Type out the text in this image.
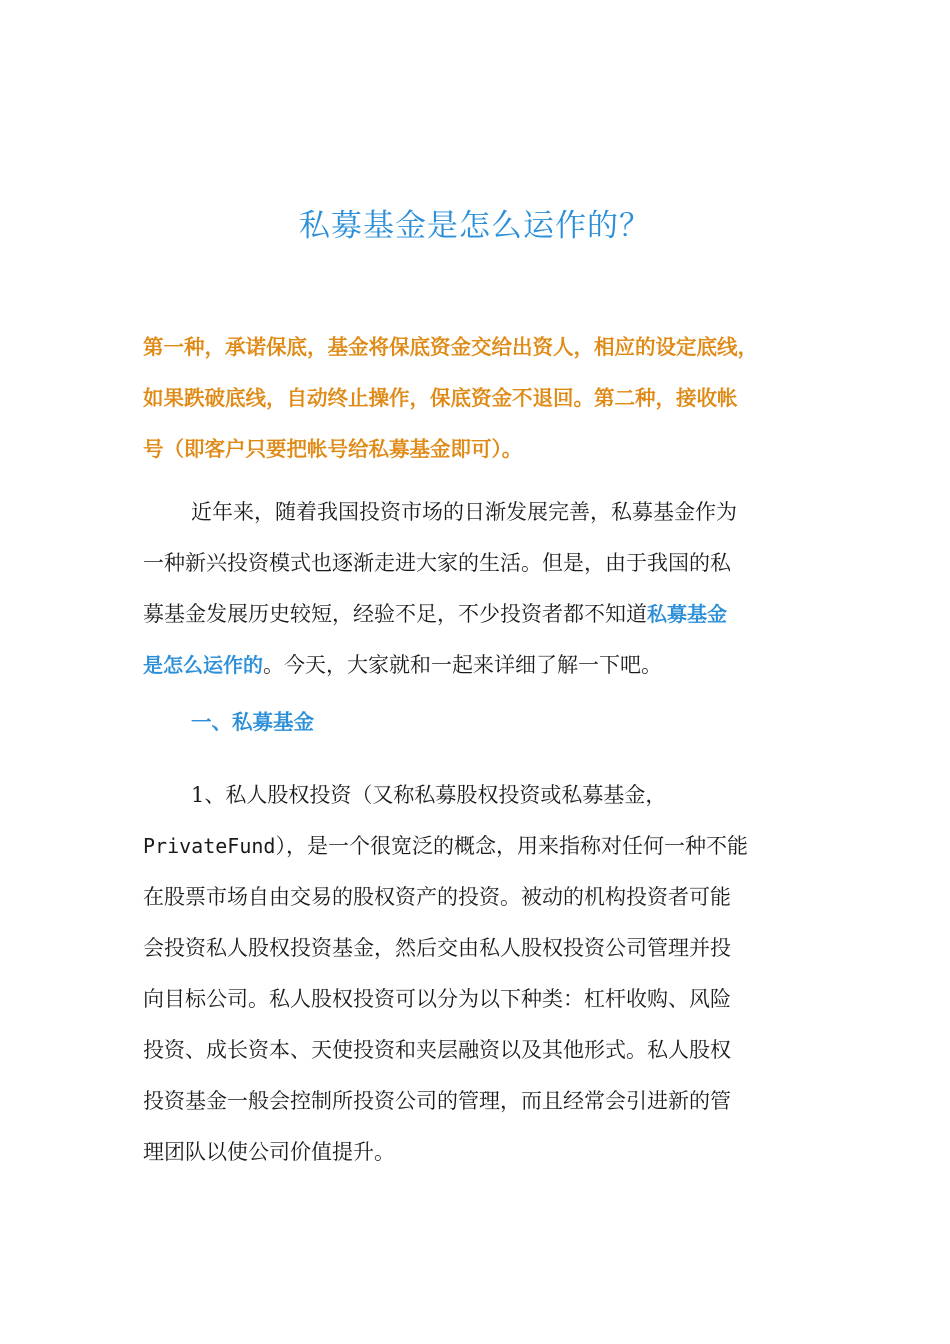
私募基金是怎么运作的？
第一种，承诺保底，基金将保底资金交给出资人，相应的设定底线，
如果跌破底线，自动终止操作，保底资金不退回。第二种，接收帐
号（即客户只要把帐号给私募基金即可）。
近年来，随着我国投资市场的日渐发展完善，私募基金作为
一种新兴投资模式也逐渐走进大家的生活。但是，由于我国的私
募基金发展历史较短，经验不足，不少投资者都不知道私募基金
是怎么运作的。今天，大家就和一起来详细了解一下吧。
一、私募基金
1、私人股权投资（又称私募股权投资或私募基金，
PrivateFund），是一个很宽泛的概念，用来指称对任何一种不能
在股票市场自由交易的股权资产的投资。被动的机构投资者可能
会投资私人股权投资基金，然后交由私人股权投资公司管理并投
向目标公司。私人股权投资可以分为以下种类：杠杆收购、风险
投资、成长资本、天使投资和夹层融资以及其他形式。私人股权
投资基金一般会控制所投资公司的管理，而且经常会引进新的管
理团队以使公司价值提升。
